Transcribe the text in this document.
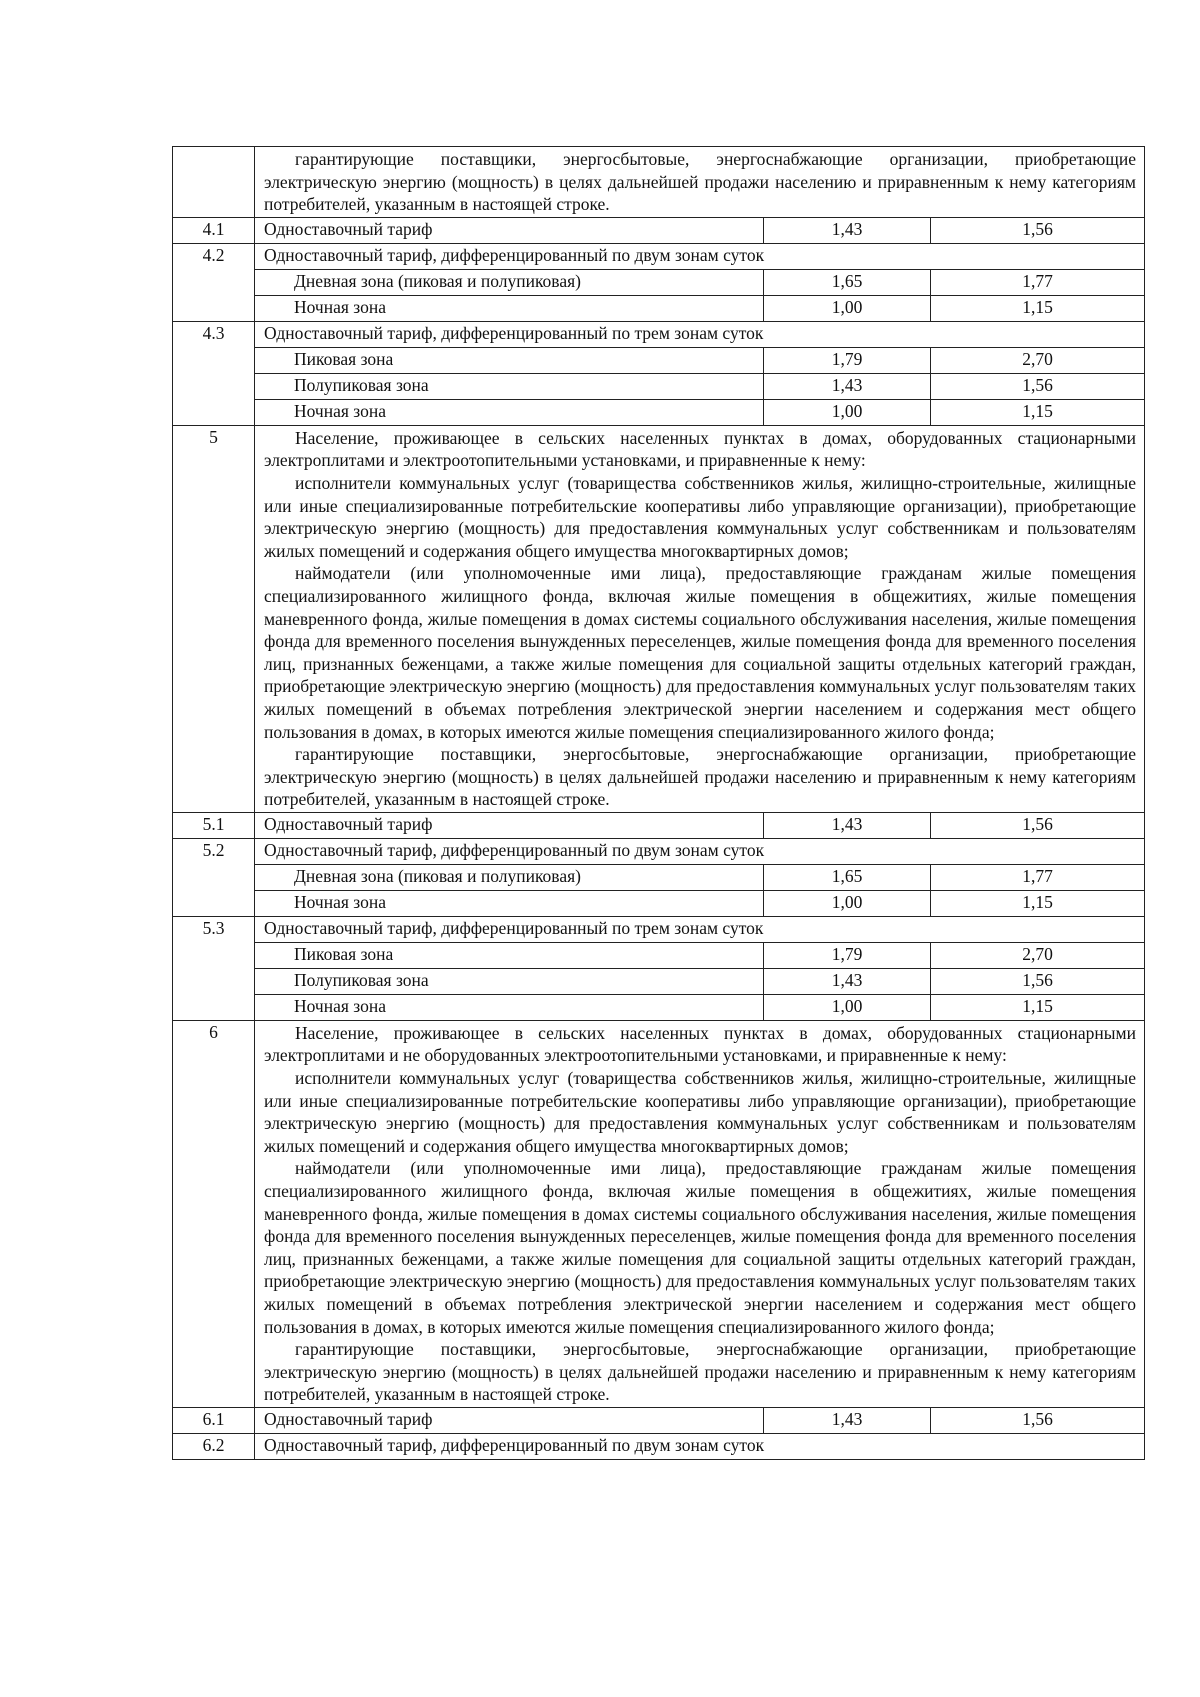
	гарантирующие поставщики, энергосбытовые, энергоснабжающие организации, приобретающие электрическую энергию (мощность) в целях дальнейшей продажи населению и приравненным к нему категориям потребителей, указанным в настоящей строке.		

4.1	Одноставочный тариф	1,43	1,56
4.2	Одноставочный тариф, дифференцированный по двум зонам суток		
	Дневная зона (пиковая и полупиковая)	1,65	1,77
	Ночная зона	1,00	1,15
4.3	Одноставочный тариф, дифференцированный по трем зонам суток		
	Пиковая зона	1,79	2,70
	Полупиковая зона	1,43	1,56
	Ночная зона	1,00	1,15
5	Население, проживающее в сельских населенных пунктах в домах, оборудованных стационарными электроплитами и электроотопительными установками, и приравненные к нему:

исполнители коммунальных услуг (товарищества собственников жилья, жилищно-строительные, жилищные или иные специализированные потребительские кооперативы либо управляющие организации), приобретающие электрическую энергию (мощность) для предоставления коммунальных услуг собственникам и пользователям жилых помещений и содержания общего имущества многоквартирных домов;

наймодатели (или уполномоченные ими лица), предоставляющие гражданам жилые помещения специализированного жилищного фонда, включая жилые помещения в общежитиях, жилые помещения маневренного фонда, жилые помещения в домах системы социального обслуживания населения, жилые помещения фонда для временного поселения вынужденных переселенцев, жилые помещения фонда для временного поселения лиц, признанных беженцами, а также жилые помещения для социальной защиты отдельных категорий граждан, приобретающие электрическую энергию (мощность) для предоставления коммунальных услуг пользователям таких жилых помещений в объемах потребления электрической энергии населением и содержания мест общего пользования в домах, в которых имеются жилые помещения специализированного жилого фонда;

гарантирующие поставщики, энергосбытовые, энергоснабжающие организации, приобретающие электрическую энергию (мощность) в целях дальнейшей продажи населению и приравненным к нему категориям потребителей, указанным в настоящей строке.		

5.1	Одноставочный тариф	1,43	1,56
5.2	Одноставочный тариф, дифференцированный по двум зонам суток		
	Дневная зона (пиковая и полупиковая)	1,65	1,77
	Ночная зона	1,00	1,15
5.3	Одноставочный тариф, дифференцированный по трем зонам суток		
	Пиковая зона	1,79	2,70
	Полупиковая зона	1,43	1,56
	Ночная зона	1,00	1,15
6	Население, проживающее в сельских населенных пунктах в домах, оборудованных стационарными электроплитами и не оборудованных электроотопительными установками, и приравненные к нему:

исполнители коммунальных услуг (товарищества собственников жилья, жилищно-строительные, жилищные или иные специализированные потребительские кооперативы либо управляющие организации), приобретающие электрическую энергию (мощность) для предоставления коммунальных услуг собственникам и пользователям жилых помещений и содержания общего имущества многоквартирных домов;

наймодатели (или уполномоченные ими лица), предоставляющие гражданам жилые помещения специализированного жилищного фонда, включая жилые помещения в общежитиях, жилые помещения маневренного фонда, жилые помещения в домах системы социального обслуживания населения, жилые помещения фонда для временного поселения вынужденных переселенцев, жилые помещения фонда для временного поселения лиц, признанных беженцами, а также жилые помещения для социальной защиты отдельных категорий граждан, приобретающие электрическую энергию (мощность) для предоставления коммунальных услуг пользователям таких жилых помещений в объемах потребления электрической энергии населением и содержания мест общего пользования в домах, в которых имеются жилые помещения специализированного жилого фонда;

гарантирующие поставщики, энергосбытовые, энергоснабжающие организации, приобретающие электрическую энергию (мощность) в целях дальнейшей продажи населению и приравненным к нему категориям потребителей, указанным в настоящей строке.		

6.1	Одноставочный тариф	1,43	1,56
6.2	Одноставочный тариф, дифференцированный по двум зонам суток		
